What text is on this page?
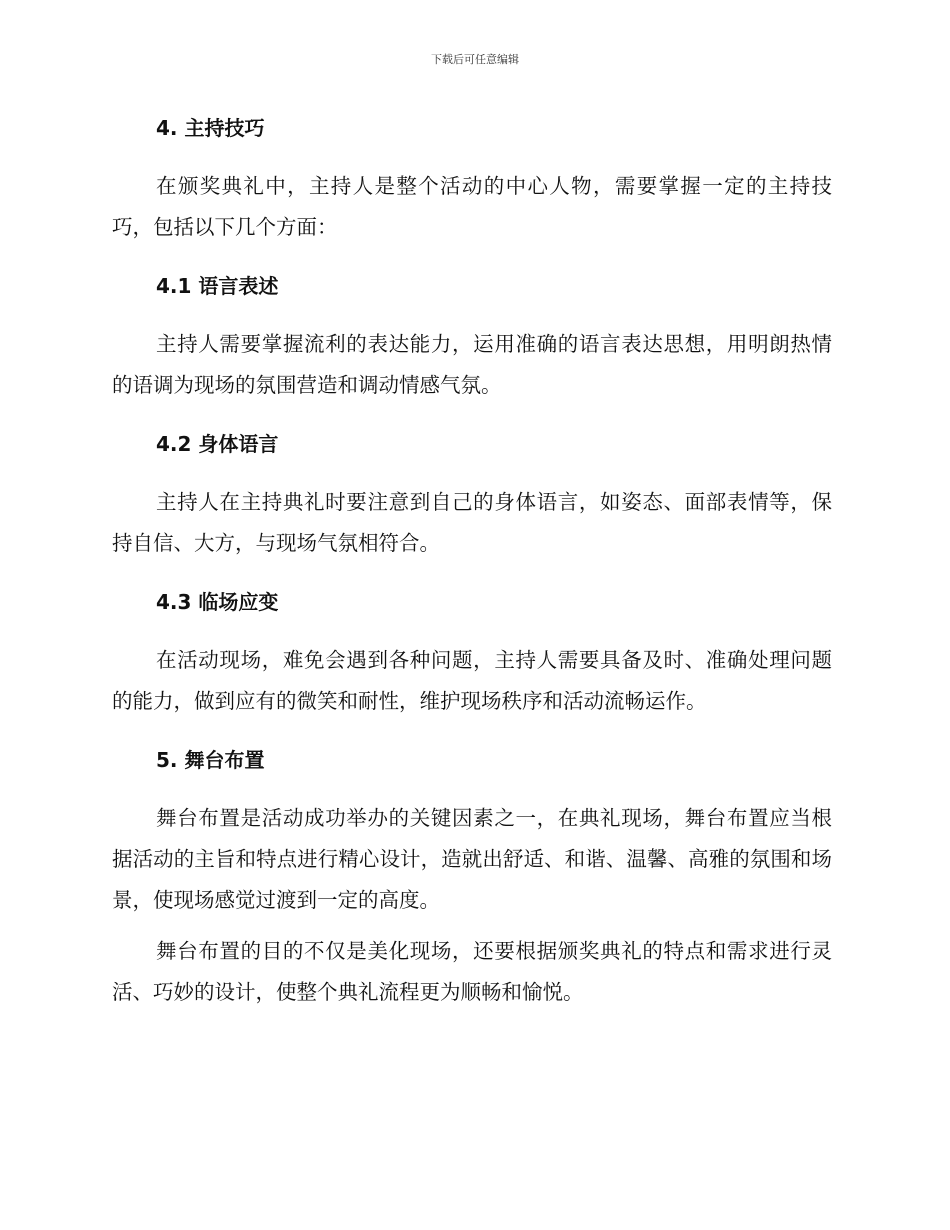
下载后可任意编辑
4. 主持技巧

在颁奖典礼中，主持人是整个活动的中心人物，需要掌握一定的主持技巧，包括以下几个方面：

4.1 语言表述

主持人需要掌握流利的表达能力，运用准确的语言表达思想，用明朗热情的语调为现场的氛围营造和调动情感气氛。

4.2 身体语言

主持人在主持典礼时要注意到自己的身体语言，如姿态、面部表情等，保持自信、大方，与现场气氛相符合。

4.3 临场应变

在活动现场，难免会遇到各种问题，主持人需要具备及时、准确处理问题的能力，做到应有的微笑和耐性，维护现场秩序和活动流畅运作。

5. 舞台布置

舞台布置是活动成功举办的关键因素之一，在典礼现场，舞台布置应当根据活动的主旨和特点进行精心设计，造就出舒适、和谐、温馨、高雅的氛围和场景，使现场感觉过渡到一定的高度。

舞台布置的目的不仅是美化现场，还要根据颁奖典礼的特点和需求进行灵活、巧妙的设计，使整个典礼流程更为顺畅和愉悦。
